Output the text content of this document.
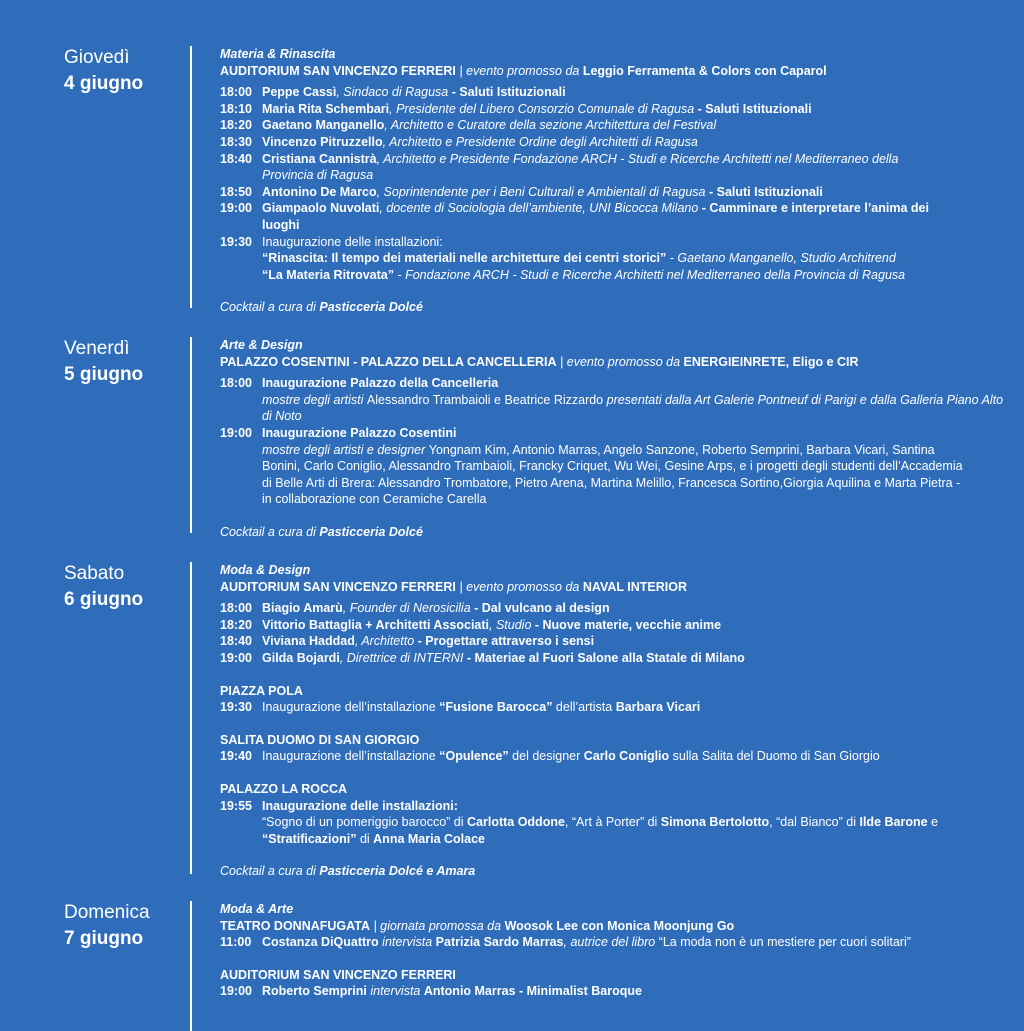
Giovedì
4 giugno

Materia & Rinascita

AUDITORIUM SAN VINCENZO FERRERI | evento promosso da Leggio Ferramenta & Colors con Caparol

18:00 Peppe Cassì, Sindaco di Ragusa - Saluti Istituzionali
18:10 Maria Rita Schembari, Presidente del Libero Consorzio Comunale di Ragusa - Saluti Istituzionali
18:20 Gaetano Manganello, Architetto e Curatore della sezione Architettura del Festival
18:30 Vincenzo Pitruzzello, Architetto e Presidente Ordine degli Architetti di Ragusa
18:40 Cristiana Cannistrà, Architetto e Presidente Fondazione ARCH - Studi e Ricerche Architetti nel Mediterraneo della Provincia di Ragusa
18:50 Antonino De Marco, Soprintendente per i Beni Culturali e Ambientali di Ragusa - Saluti Istituzionali
19:00 Giampaolo Nuvolati, docente di Sociologia dell’ambiente, UNI Bicocca Milano - Camminare e interpretare l’anima dei luoghi
19:30 Inaugurazione delle installazioni:
“Rinascita: Il tempo dei materiali nelle architetture dei centri storici” - Gaetano Manganello, Studio Architrend
“La Materia Ritrovata” - Fondazione ARCH - Studi e Ricerche Architetti nel Mediterraneo della Provincia di Ragusa

Cocktail a cura di Pasticceria Dolcé

Venerdì
5 giugno

Arte & Design

PALAZZO COSENTINI - PALAZZO DELLA CANCELLERIA | evento promosso da ENERGIEINRETE, Eligo e CIR

18:00 Inaugurazione Palazzo della Cancelleria
mostre degli artisti Alessandro Trambaioli e Beatrice Rizzardo presentati dalla Art Galerie Pontneuf di Parigi e dalla Galleria Piano Alto di Noto
19:00 Inaugurazione Palazzo Cosentini
mostre degli artisti e designer Yongnam Kim, Antonio Marras, Angelo Sanzone, Roberto Semprini, Barbara Vicari, Santina Bonini, Carlo Coniglio, Alessandro Trambaioli, Francky Criquet, Wu Wei, Gesine Arps, e i progetti degli studenti dell’Accademia di Belle Arti di Brera: Alessandro Trombatore, Pietro Arena, Martina Melillo, Francesca Sortino,Giorgia Aquilina e Marta Pietra - in collaborazione con Ceramiche Carella

Cocktail a cura di Pasticceria Dolcé

Sabato
6 giugno

Moda & Design

AUDITORIUM SAN VINCENZO FERRERI | evento promosso da NAVAL INTERIOR

18:00 Biagio Amarù, Founder di Nerosicilia - Dal vulcano al design
18:20 Vittorio Battaglia + Architetti Associati, Studio - Nuove materie, vecchie anime
18:40 Viviana Haddad, Architetto - Progettare attraverso i sensi
19:00 Gilda Bojardi, Direttrice di INTERNI - Materiae al Fuori Salone alla Statale di Milano

PIAZZA POLA

19:30 Inaugurazione dell’installazione “Fusione Barocca” dell’artista Barbara Vicari

SALITA DUOMO DI SAN GIORGIO

19:40 Inaugurazione dell’installazione “Opulence” del designer Carlo Coniglio sulla Salita del Duomo di San Giorgio

PALAZZO LA ROCCA

19:55 Inaugurazione delle installazioni:
“Sogno di un pomeriggio barocco” di Carlotta Oddone, “Art à Porter” di Simona Bertolotto, “dal Bianco” di Ilde Barone e “Stratificazioni” di Anna Maria Colace

Cocktail a cura di Pasticceria Dolcé e Amara

Domenica
7 giugno

Moda & Arte

TEATRO DONNAFUGATA | giornata promossa da Woosok Lee con Monica Moonjung Go

11:00 Costanza DiQuattro intervista Patrizia Sardo Marras, autrice del libro “La moda non è un mestiere per cuori solitari”

AUDITORIUM SAN VINCENZO FERRERI

19:00 Roberto Semprini intervista Antonio Marras - Minimalist Baroque
